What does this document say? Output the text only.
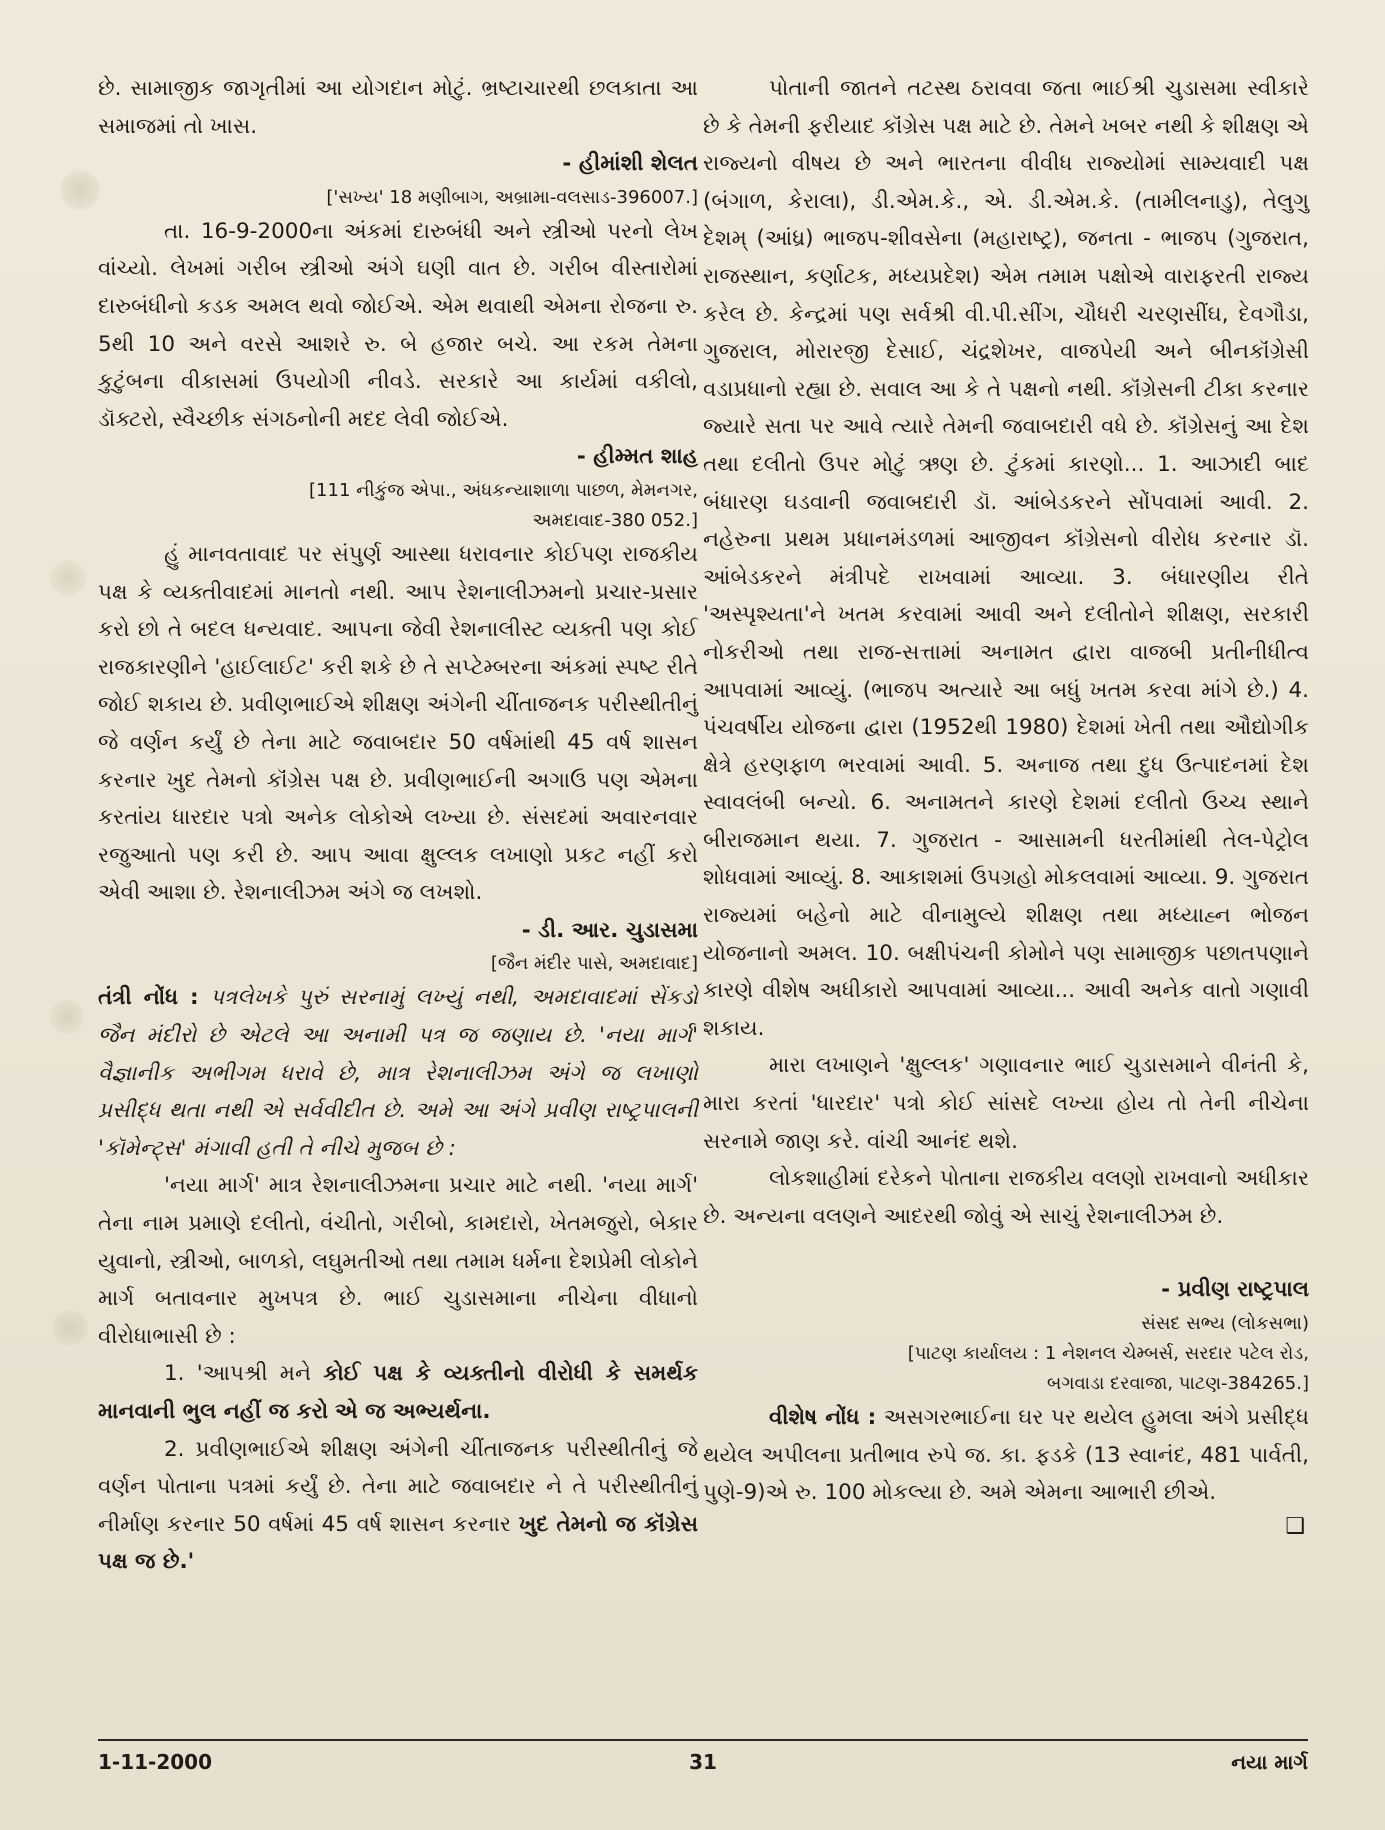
છે. સામાજીક જાગૃતીમાં આ યોગદાન મોટું. ભ્રષ્ટાચારથી છલકાતા આ સમાજમાં તો ખાસ.

- હીમાંશી શેલત

['સખ્ય' 18 મણીબાગ, અબ્રામા-વલસાડ-396007.]

તા. 16-9-2000ના અંકમાં દારુબંધી અને સ્ત્રીઓ પરનો લેખ વાંચ્યો. લેખમાં ગરીબ સ્ત્રીઓ અંગે ઘણી વાત છે. ગરીબ વીસ્તારોમાં દારુબંધીનો કડક અમલ થવો જોઈએ. એમ થવાથી એમના રોજના રુ. 5થી 10 અને વરસે આશરે રુ. બે હજાર બચે. આ રકમ તેમના કુટુંબના વીકાસમાં ઉપયોગી નીવડે. સરકારે આ કાર્યમાં વકીલો, ડૉક્ટરો, સ્વૈચ્છીક સંગઠનોની મદદ લેવી જોઈએ.

- હીમ્મત શાહ

[111 નીકુંજ એપા., અંધકન્યાશાળા પાછળ, મેમનગર,

અમદાવાદ-380 052.]

હું માનવતાવાદ પર સંપુર્ણ આસ્થા ધરાવનાર કોઈપણ રાજકીય પક્ષ કે વ્યક્તીવાદમાં માનતો નથી. આપ રેશનાલીઝમનો પ્રચાર-પ્રસાર કરો છો તે બદલ ધન્યવાદ. આપના જેવી રેશનાલીસ્ટ વ્યક્તી પણ કોઈ રાજકારણીને 'હાઈલાઈટ' કરી શકે છે તે સપ્ટેમ્બરના અંકમાં સ્પષ્ટ રીતે જોઈ શકાય છે. પ્રવીણભાઈએ શીક્ષણ અંગેની ચીંતાજનક પરીસ્થીતીનું જે વર્ણન કર્યું છે તેના માટે જવાબદાર 50 વર્ષમાંથી 45 વર્ષ શાસન કરનાર ખુદ તેમનો કૉંગ્રેસ પક્ષ છે. પ્રવીણભાઈની અગાઉ પણ એમના કરતાંય ધારદાર પત્રો અનેક લોકોએ લખ્યા છે. સંસદમાં અવારનવાર રજુઆતો પણ કરી છે. આપ આવા ક્ષુલ્લક લખાણો પ્રકટ નહીં કરો એવી આશા છે. રેશનાલીઝમ અંગે જ લખશો.

- ડી. આર. ચુડાસમા

[જૈન મંદીર પાસે, અમદાવાદ]

તંત્રી નોંધ : પત્રલેખકે પુરું સરનામું લખ્યું નથી, અમદાવાદમાં સેંકડો જૈન મંદીરો છે એટલે આ અનામી પત્ર જ જણાય છે. 'નયા માર્ગ' વૈજ્ઞાનીક અભીગમ ધરાવે છે, માત્ર રેશનાલીઝમ અંગે જ લખાણો પ્રસીદ્ધ થતા નથી એ સર્વવીદીત છે. અમે આ અંગે પ્રવીણ રાષ્ટ્રપાલની 'કૉમેન્ટ્સ' મંગાવી હતી તે નીચે મુજબ છે :

'નયા માર્ગ' માત્ર રેશનાલીઝમના પ્રચાર માટે નથી. 'નયા માર્ગ' તેના નામ પ્રમાણે દલીતો, વંચીતો, ગરીબો, કામદારો, ખેતમજુરો, બેકાર યુવાનો, સ્ત્રીઓ, બાળકો, લઘુમતીઓ તથા તમામ ધર્મના દેશપ્રેમી લોકોને માર્ગ બતાવનાર મુખપત્ર છે. ભાઈ ચુડાસમાના નીચેના વીધાનો વીરોધાભાસી છે :

1. 'આપશ્રી મને કોઈ પક્ષ કે વ્યક્તીનો વીરોધી કે સમર્થક માનવાની ભુલ નહીં જ કરો એ જ અભ્યર્થના.

2. પ્રવીણભાઈએ શીક્ષણ અંગેની ચીંતાજનક પરીસ્થીતીનું જે વર્ણન પોતાના પત્રમાં કર્યું છે. તેના માટે જવાબદાર ને તે પરીસ્થીતીનું નીર્માણ કરનાર 50 વર્ષમાં 45 વર્ષ શાસન કરનાર ખુદ તેમનો જ કૉંગ્રેસ પક્ષ જ છે.'

પોતાની જાતને તટસ્થ ઠરાવવા જતા ભાઈશ્રી ચુડાસમા સ્વીકારે છે કે તેમની ફરીયાદ કૉંગ્રેસ પક્ષ માટે છે. તેમને ખબર નથી કે શીક્ષણ એ રાજ્યનો વીષય છે અને ભારતના વીવીધ રાજ્યોમાં સામ્યવાદી પક્ષ (બંગાળ, કેરાલા), ડી.એમ.કે., એ. ડી.એમ.કે. (તામીલનાડુ), તેલુગુ દેશમ્ (આંધ્ર) ભાજપ-શીવસેના (મહારાષ્ટ્ર), જનતા - ભાજપ (ગુજરાત, રાજસ્થાન, કર્ણાટક, મધ્યપ્રદેશ) એમ તમામ પક્ષોએ વારાફરતી રાજ્ય કરેલ છે. કેન્દ્રમાં પણ સર્વશ્રી વી.પી.સીંગ, ચૌધરી ચરણસીંઘ, દેવગૌડા, ગુજરાલ, મોરારજી દેસાઈ, ચંદ્રશેખર, વાજપેયી અને બીનકૉંગ્રેસી વડાપ્રધાનો રહ્યા છે. સવાલ આ કે તે પક્ષનો નથી. કૉંગ્રેસની ટીકા કરનાર જ્યારે સતા પર આવે ત્યારે તેમની જવાબદારી વધે છે. કૉંગ્રેસનું આ દેશ તથા દલીતો ઉપર મોટું ઋણ છે. ટુંકમાં કારણો... 1. આઝાદી બાદ બંધારણ ઘડવાની જવાબદારી ડૉ. આંબેડકરને સોંપવામાં આવી. 2. નહેરુના પ્રથમ પ્રધાનમંડળમાં આજીવન કૉંગ્રેસનો વીરોધ કરનાર ડૉ. આંબેડકરને મંત્રીપદે રાખવામાં આવ્યા. 3. બંધારણીય રીતે 'અસ્પૃશ્યતા'ને ખતમ કરવામાં આવી અને દલીતોને શીક્ષણ, સરકારી નોકરીઓ તથા રાજ-સત્તામાં અનામત દ્વારા વાજબી પ્રતીનીધીત્વ આપવામાં આવ્યું. (ભાજપ અત્યારે આ બધું ખતમ કરવા માંગે છે.) 4. પંચવર્ષીય યોજના દ્વારા (1952થી 1980) દેશમાં ખેતી તથા ઔદ્યોગીક ક્ષેત્રે હરણફાળ ભરવામાં આવી. 5. અનાજ તથા દુધ ઉત્પાદનમાં દેશ સ્વાવલંબી બન્યો. 6. અનામતને કારણે દેશમાં દલીતો ઉચ્ચ સ્થાને બીરાજમાન થયા. 7. ગુજરાત - આસામની ધરતીમાંથી તેલ-પેટ્રોલ શોધવામાં આવ્યું. 8. આકાશમાં ઉપગ્રહો મોકલવામાં આવ્યા. 9. ગુજરાત રાજ્યમાં બહેનો માટે વીનામુલ્યે શીક્ષણ તથા મધ્યાહ્ન ભોજન યોજનાનો અમલ. 10. બક્ષીપંચની કોમોને પણ સામાજીક પછાતપણાને કારણે વીશેષ અધીકારો આપવામાં આવ્યા... આવી અનેક વાતો ગણાવી શકાય.

મારા લખાણને 'ક્ષુલ્લક' ગણાવનાર ભાઈ ચુડાસમાને વીનંતી કે, મારા કરતાં 'ધારદાર' પત્રો કોઈ સાંસદે લખ્યા હોય તો તેની નીચેના સરનામે જાણ કરે. વાંચી આનંદ થશે.

લોકશાહીમાં દરેકને પોતાના રાજકીય વલણો રાખવાનો અધીકાર છે. અન્યના વલણને આદરથી જોવું એ સાચું રેશનાલીઝમ છે.

- પ્રવીણ રાષ્ટ્રપાલ

સંસદ સભ્ય (લોકસભા)

[પાટણ કાર્યાલય : 1 નેશનલ ચેમ્બર્સ, સરદાર પટેલ રોડ,

બગવાડા દરવાજા, પાટણ-384265.]

વીશેષ નોંધ : અસગરભાઈના ઘર પર થયેલ હુમલા અંગે પ્રસીદ્ધ થયેલ અપીલના પ્રતીભાવ રુપે જ. કા. ફડકે (13 સ્વાનંદ, 481 પાર્વતી, પુણે-9)એ રુ. 100 મોકલ્યા છે. અમે એમના આભારી છીએ.

❑

1-11-2000	31	નયા માર્ગ
